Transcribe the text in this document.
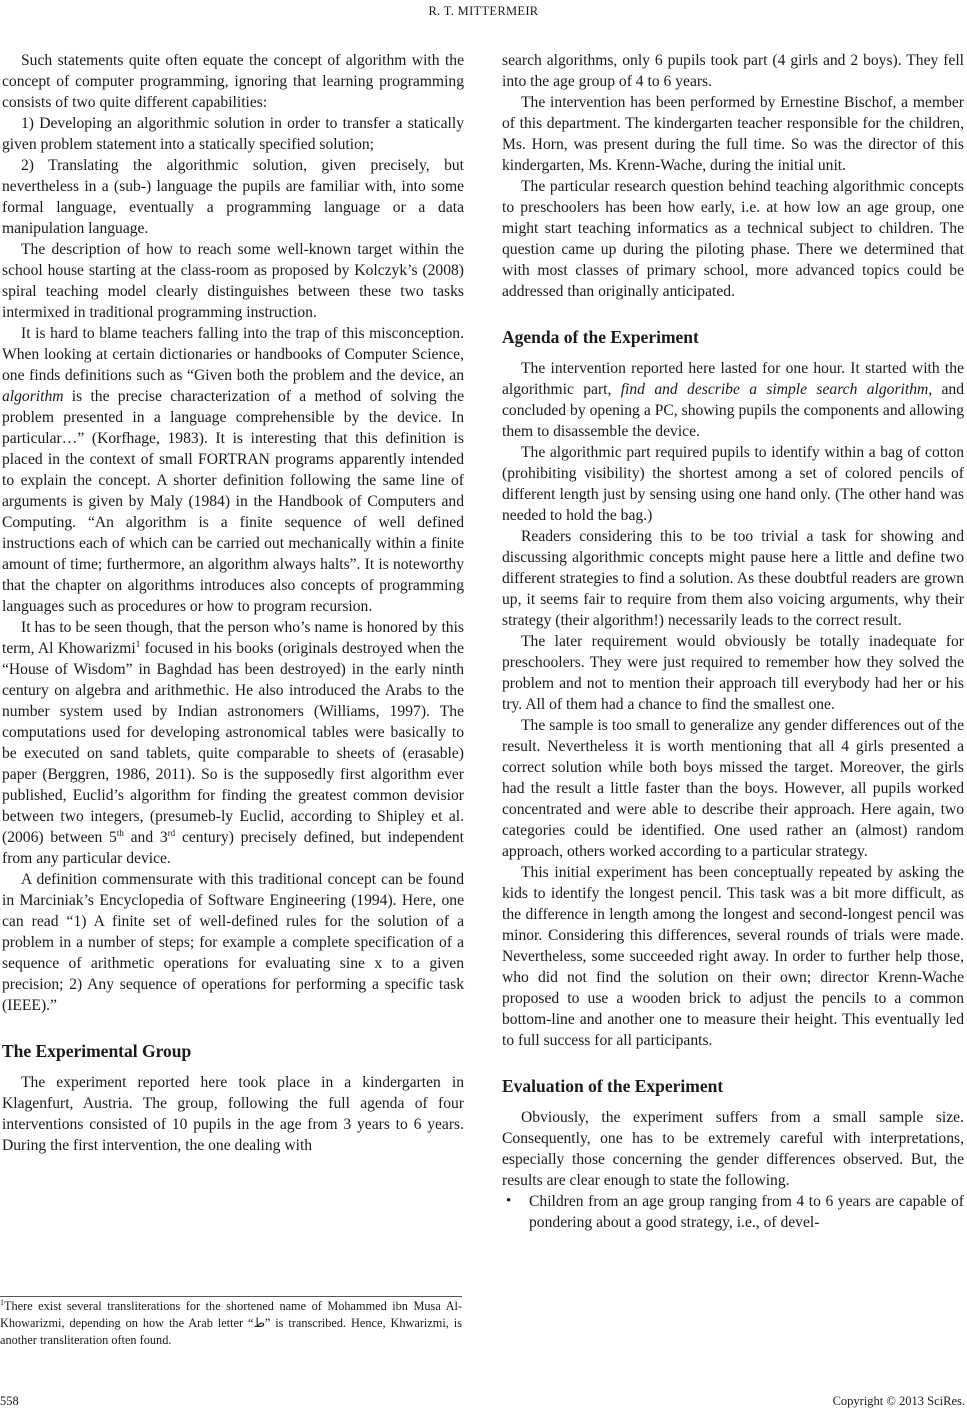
R. T. MITTERMEIR

Such statements quite often equate the concept of algorithm with the concept of computer programming, ignoring that learning programming consists of two quite different capabilities:

1) Developing an algorithmic solution in order to transfer a statically given problem statement into a statically specified solution;

2) Translating the algorithmic solution, given precisely, but nevertheless in a (sub-) language the pupils are familiar with, into some formal language, eventually a programming language or a data manipulation language.

The description of how to reach some well-known target within the school house starting at the class-room as proposed by Kolczyk’s (2008) spiral teaching model clearly distinguishes between these two tasks intermixed in traditional programming instruction.

It is hard to blame teachers falling into the trap of this misconception. When looking at certain dictionaries or handbooks of Computer Science, one finds definitions such as “Given both the problem and the device, an algorithm is the precise characterization of a method of solving the problem presented in a language comprehensible by the device. In particular…” (Korfhage, 1983). It is interesting that this definition is placed in the context of small FORTRAN programs apparently intended to explain the concept. A shorter definition following the same line of arguments is given by Maly (1984) in the Handbook of Computers and Computing. “An algorithm is a finite sequence of well defined instructions each of which can be carried out mechanically within a finite amount of time; furthermore, an algorithm always halts”. It is noteworthy that the chapter on algorithms introduces also concepts of programming languages such as procedures or how to program recursion.

It has to be seen though, that the person who’s name is honored by this term, Al Khowarizmi$^1$ focused in his books (originals destroyed when the “House of Wisdom” in Baghdad has been destroyed) in the early ninth century on algebra and arithmethic. He also introduced the Arabs to the number system used by Indian astronomers (Williams, 1997). The computations used for developing astronomical tables were basically to be executed on sand tablets, quite comparable to sheets of (erasable) paper (Berggren, 1986, 2011). So is the supposedly first algorithm ever published, Euclid’s algorithm for finding the greatest common devisior between two integers, (presumeb-ly Euclid, according to Shipley et al. (2006) between 5th and 3rd century) precisely defined, but independent from any particular device.

A definition commensurate with this traditional concept can be found in Marciniak’s Encyclopedia of Software Engineering (1994). Here, one can read “1) A finite set of well-defined rules for the solution of a problem in a number of steps; for example a complete specification of a sequence of arithmetic operations for evaluating sine x to a given precision; 2) Any sequence of operations for performing a specific task (IEEE).”

The Experimental Group

The experiment reported here took place in a kindergarten in Klagenfurt, Austria. The group, following the full agenda of four interventions consisted of 10 pupils in the age from 3 years to 6 years. During the first intervention, the one dealing with

$^1$There exist several transliterations for the shortened name of Mohammed ibn Musa Al-Khowarizmi, depending on how the Arab letter “ط” is transcribed. Hence, Khwarizmi, is another transliteration often found.

search algorithms, only 6 pupils took part (4 girls and 2 boys). They fell into the age group of 4 to 6 years.

The intervention has been performed by Ernestine Bischof, a member of this department. The kindergarten teacher responsible for the children, Ms. Horn, was present during the full time. So was the director of this kindergarten, Ms. Krenn-Wache, during the initial unit.

The particular research question behind teaching algorithmic concepts to preschoolers has been how early, i.e. at how low an age group, one might start teaching informatics as a technical subject to children. The question came up during the piloting phase. There we determined that with most classes of primary school, more advanced topics could be addressed than originally anticipated.

Agenda of the Experiment

The intervention reported here lasted for one hour. It started with the algorithmic part, find and describe a simple search algorithm, and concluded by opening a PC, showing pupils the components and allowing them to disassemble the device.

The algorithmic part required pupils to identify within a bag of cotton (prohibiting visibility) the shortest among a set of colored pencils of different length just by sensing using one hand only. (The other hand was needed to hold the bag.)

Readers considering this to be too trivial a task for showing and discussing algorithmic concepts might pause here a little and define two different strategies to find a solution. As these doubtful readers are grown up, it seems fair to require from them also voicing arguments, why their strategy (their algorithm!) necessarily leads to the correct result.

The later requirement would obviously be totally inadequate for preschoolers. They were just required to remember how they solved the problem and not to mention their approach till everybody had her or his try. All of them had a chance to find the smallest one.

The sample is too small to generalize any gender differences out of the result. Nevertheless it is worth mentioning that all 4 girls presented a correct solution while both boys missed the target. Moreover, the girls had the result a little faster than the boys. However, all pupils worked concentrated and were able to describe their approach. Here again, two categories could be identified. One used rather an (almost) random approach, others worked according to a particular strategy.

This initial experiment has been conceptually repeated by asking the kids to identify the longest pencil. This task was a bit more difficult, as the difference in length among the longest and second-longest pencil was minor. Considering this differences, several rounds of trials were made. Nevertheless, some succeeded right away. In order to further help those, who did not find the solution on their own; director Krenn-Wache proposed to use a wooden brick to adjust the pencils to a common bottom-line and another one to measure their height. This eventually led to full success for all participants.

Evaluation of the Experiment

Obviously, the experiment suffers from a small sample size. Consequently, one has to be extremely careful with interpretations, especially those concerning the gender differences observed. But, the results are clear enough to state the following.

• Children from an age group ranging from 4 to 6 years are capable of pondering about a good strategy, i.e., of devel-
558	Copyright © 2013 SciRes.
